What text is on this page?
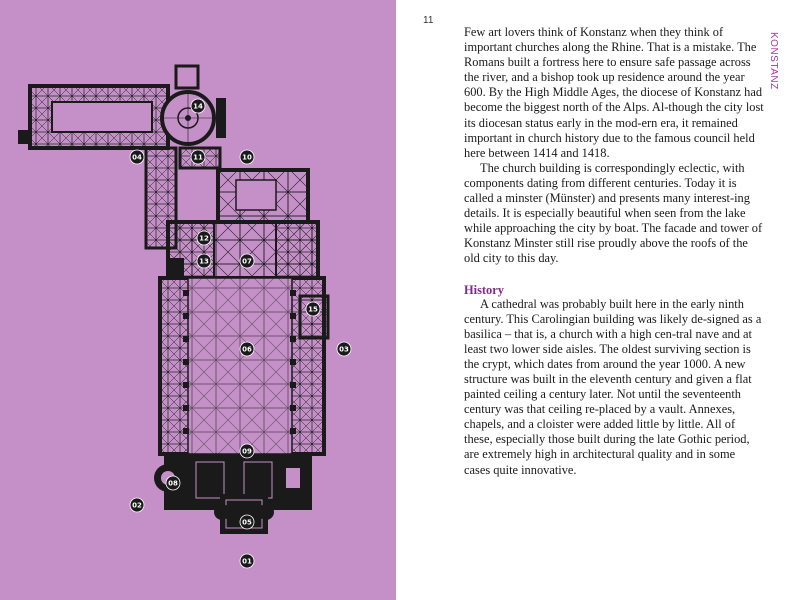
01
02
03
04
05
06
07
08
09
10
11
12
13
14
15
11
KONSTANZ

Few art lovers think of Konstanz when they think of important churches along the Rhine. That is a mistake. The Romans built a fortress here to ensure safe passage across the river, and a bishop took up residence around the year 600. By the High Middle Ages, the diocese of Konstanz had become the biggest north of the Alps. Al-though the city lost its diocesan status early in the mod-ern era, it remained important in church history due to the famous council held here between 1414 and 1418.

The church building is correspondingly eclectic, with components dating from different centuries. Today it is called a minster (Münster) and presents many interest-ing details. It is especially beautiful when seen from the lake while approaching the city by boat. The facade and tower of Konstanz Minster still rise proudly above the roofs of the old city to this day.

History

A cathedral was probably built here in the early ninth century. This Carolingian building was likely de-signed as a basilica – that is, a church with a high cen-tral nave and at least two lower side aisles. The oldest surviving section is the crypt, which dates from around the year 1000. A new structure was built in the eleventh century and given a flat painted ceiling a century later. Not until the seventeenth century was that ceiling re-placed by a vault. Annexes, chapels, and a cloister were added little by little. All of these, especially those built during the late Gothic period, are extremely high in architectural quality and in some cases quite innovative.
